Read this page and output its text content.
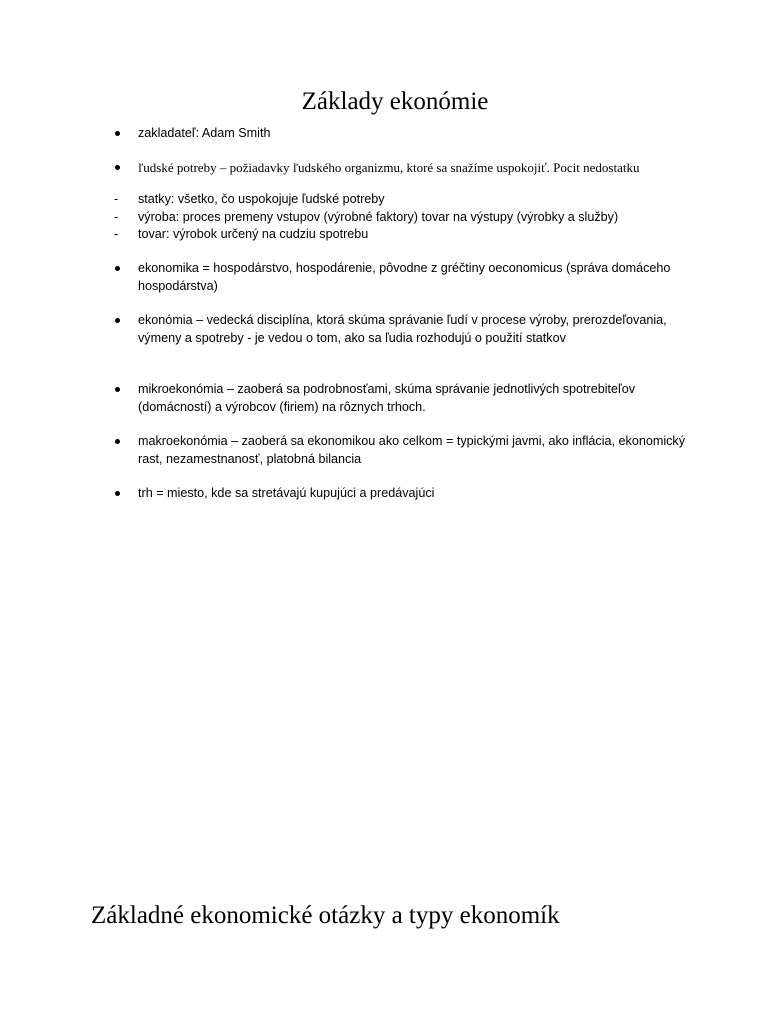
Základy ekonómie
zakladateľ: Adam Smith
ľudské potreby – požiadavky ľudského organizmu, ktoré sa snažíme uspokojiť. Pocit nedostatku
-	statky: všetko, čo uspokojuje ľudské potreby
-	výroba: proces premeny vstupov (výrobné faktory) tovar na výstupy (výrobky a služby)
-	tovar: výrobok určený na cudziu spotrebu
ekonomika = hospodárstvo, hospodárenie, pôvodne z gréčtiny oeconomicus (správa domáceho hospodárstva)
ekonómia – vedecká disciplína, ktorá skúma správanie ľudí v procese výroby, prerozdeľovania, výmeny a spotreby - je vedou o tom, ako sa ľudia rozhodujú o použití statkov
mikroekonómia – zaoberá sa podrobnosťami, skúma správanie jednotlivých spotrebiteľov (domácností) a výrobcov (firiem) na rôznych trhoch.
makroekonómia – zaoberá sa ekonomikou ako celkom = typickými javmi, ako inflácia, ekonomický rast, nezamestnanosť, platobná bilancia
trh = miesto, kde sa stretávajú kupujúci a predávajúci
Základné ekonomické otázky a typy ekonomík
